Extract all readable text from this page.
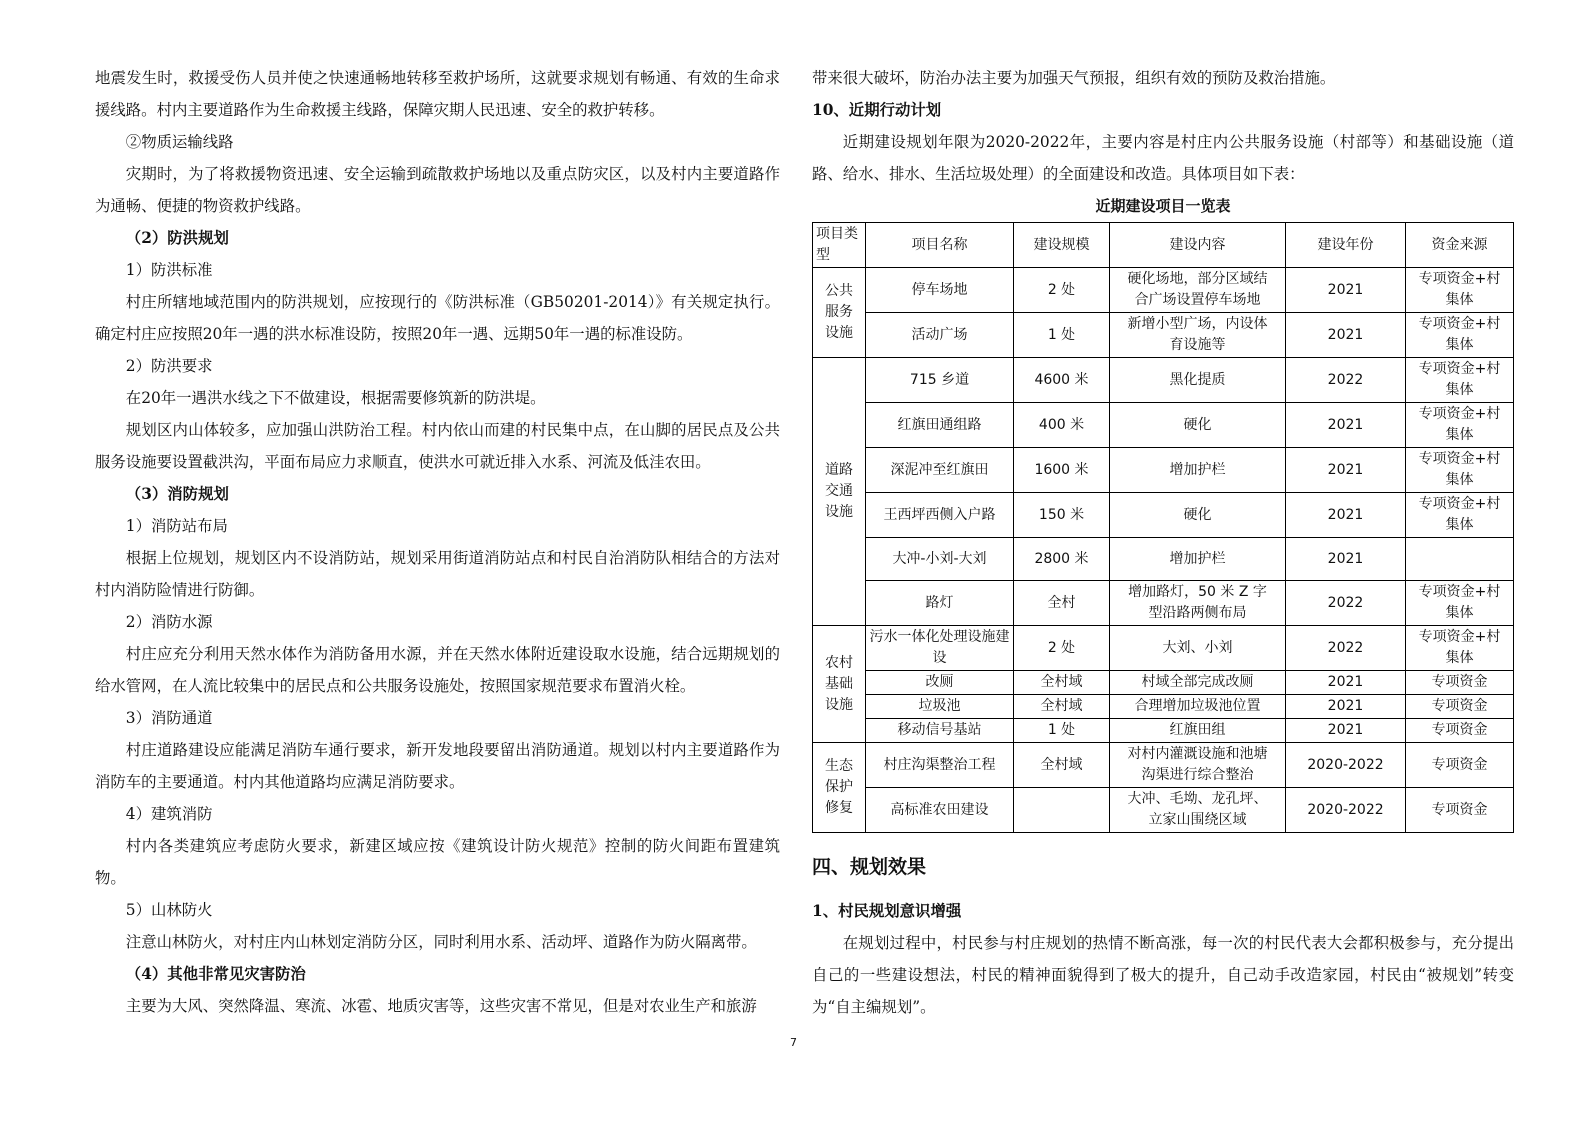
地震发生时，救援受伤人员并使之快速通畅地转移至救护场所，这就要求规划有畅通、有效的生命求援线路。村内主要道路作为生命救援主线路，保障灾期人民迅速、安全的救护转移。

②物质运输线路

灾期时，为了将救援物资迅速、安全运输到疏散救护场地以及重点防灾区，以及村内主要道路作为通畅、便捷的物资救护线路。

（2）防洪规划

1）防洪标准

村庄所辖地域范围内的防洪规划，应按现行的《防洪标准（GB50201-2014）》有关规定执行。确定村庄应按照20年一遇的洪水标准设防，按照20年一遇、远期50年一遇的标准设防。

2）防洪要求

在20年一遇洪水线之下不做建设，根据需要修筑新的防洪堤。

规划区内山体较多，应加强山洪防治工程。村内依山而建的村民集中点，在山脚的居民点及公共服务设施要设置截洪沟，平面布局应力求顺直，使洪水可就近排入水系、河流及低洼农田。

（3）消防规划

1）消防站布局

根据上位规划，规划区内不设消防站，规划采用街道消防站点和村民自治消防队相结合的方法对村内消防险情进行防御。

2）消防水源

村庄应充分利用天然水体作为消防备用水源，并在天然水体附近建设取水设施，结合远期规划的给水管网，在人流比较集中的居民点和公共服务设施处，按照国家规范要求布置消火栓。

3）消防通道

村庄道路建设应能满足消防车通行要求，新开发地段要留出消防通道。规划以村内主要道路作为消防车的主要通道。村内其他道路均应满足消防要求。

4）建筑消防

村内各类建筑应考虑防火要求，新建区域应按《建筑设计防火规范》控制的防火间距布置建筑物。

5）山林防火

注意山林防火，对村庄内山林划定消防分区，同时利用水系、活动坪、道路作为防火隔离带。

（4）其他非常见灾害防治

主要为大风、突然降温、寒流、冰雹、地质灾害等，这些灾害不常见，但是对农业生产和旅游

带来很大破坏，防治办法主要为加强天气预报，组织有效的预防及救治措施。

10、近期行动计划

近期建设规划年限为2020-2022年，主要内容是村庄内公共服务设施（村部等）和基础设施（道路、给水、排水、生活垃圾处理）的全面建设和改造。具体项目如下表：

近期建设项目一览表
项目类型	项目名称	建设规模	建设内容	建设年份	资金来源
公共服务设施	停车场地	2 处	硬化场地，部分区域结合广场设置停车场地	2021	专项资金+村集体
	活动广场	1 处	新增小型广场，内设体育设施等	2021	专项资金+村集体
道路交通设施	715 乡道	4600 米	黑化提质	2022	专项资金+村集体
	红旗田通组路	400 米	硬化	2021	专项资金+村集体
	深泥冲至红旗田	1600 米	增加护栏	2021	专项资金+村集体
	王西坪西侧入户路	150 米	硬化	2021	专项资金+村集体
	大冲-小刘-大刘	2800 米	增加护栏	2021	
	路灯	全村	增加路灯，50 米 Z 字型沿路两侧布局	2022	专项资金+村集体
农村基础设施	污水一体化处理设施建设	2 处	大刘、小刘	2022	专项资金+村集体
	改厕	全村域	村域全部完成改厕	2021	专项资金
	垃圾池	全村域	合理增加垃圾池位置	2021	专项资金
	移动信号基站	1 处	红旗田组	2021	专项资金
生态保护修复	村庄沟渠整治工程	全村域	对村内灌溉设施和池塘沟渠进行综合整治	2020-2022	专项资金
	高标准农田建设		大冲、毛坳、龙孔坪、立家山围绕区域	2020-2022	专项资金
四、规划效果

1、村民规划意识增强

在规划过程中，村民参与村庄规划的热情不断高涨，每一次的村民代表大会都积极参与，充分提出自己的一些建设想法，村民的精神面貌得到了极大的提升，自己动手改造家园，村民由“被规划”转变为“自主编规划”。

7
